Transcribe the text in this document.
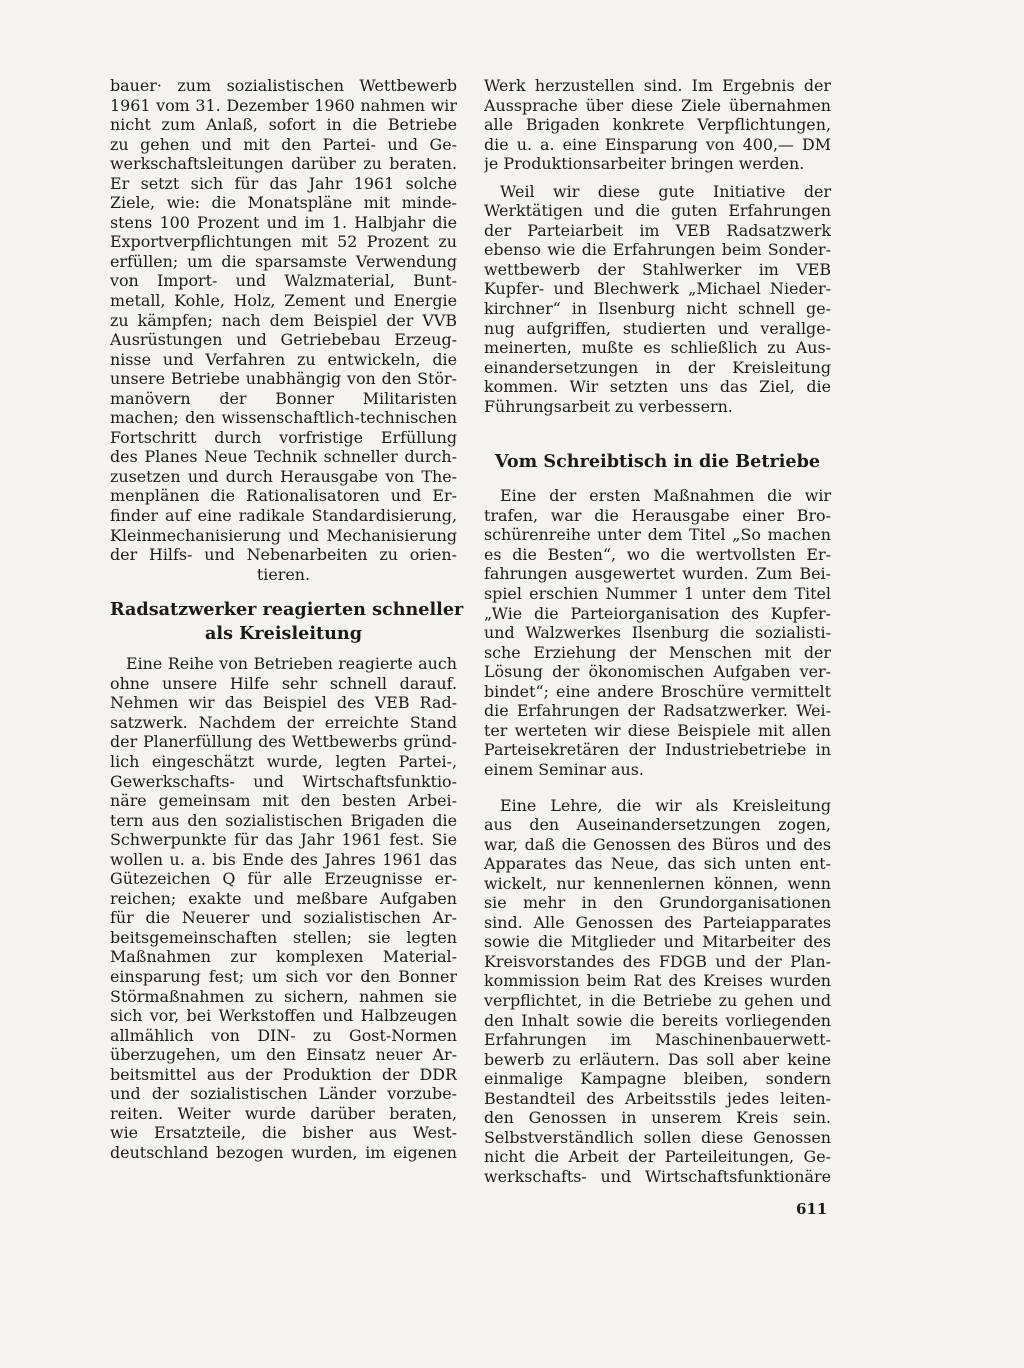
bauer· zum sozialistischen Wettbewerb
1961 vom 31. Dezember 1960 nahmen wir
nicht zum Anlaß, sofort in die Betriebe
zu gehen und mit den Partei- und Ge-
werkschaftsleitungen darüber zu beraten.
Er setzt sich für das Jahr 1961 solche
Ziele, wie: die Monatspläne mit minde-
stens 100 Prozent und im 1. Halbjahr die
Exportverpflichtungen mit 52 Prozent zu
erfüllen; um die sparsamste Verwendung
von Import- und Walzmaterial, Bunt-
metall, Kohle, Holz, Zement und Energie
zu kämpfen; nach dem Beispiel der VVB
Ausrüstungen und Getriebebau Erzeug-
nisse und Verfahren zu entwickeln, die
unsere Betriebe unabhängig von den Stör-
manövern der Bonner Militaristen
machen; den wissenschaftlich-technischen
Fortschritt durch vorfristige Erfüllung
des Planes Neue Technik schneller durch-
zusetzen und durch Herausgabe von The-
menplänen die Rationalisatoren und Er-
finder auf eine radikale Standardisierung,
Kleinmechanisierung und Mechanisierung
der Hilfs- und Nebenarbeiten zu orien-
tieren.
Radsatzwerker reagierten schneller
als Kreisleitung
Eine Reihe von Betrieben reagierte auch
ohne unsere Hilfe sehr schnell darauf.
Nehmen wir das Beispiel des VEB Rad-
satzwerk. Nachdem der erreichte Stand
der Planerfüllung des Wettbewerbs gründ-
lich eingeschätzt wurde, legten Partei-,
Gewerkschafts- und Wirtschaftsfunktio-
näre gemeinsam mit den besten Arbei-
tern aus den sozialistischen Brigaden die
Schwerpunkte für das Jahr 1961 fest. Sie
wollen u. a. bis Ende des Jahres 1961 das
Gütezeichen Q für alle Erzeugnisse er-
reichen; exakte und meßbare Aufgaben
für die Neuerer und sozialistischen Ar-
beitsgemeinschaften stellen; sie legten
Maßnahmen zur komplexen Material-
einsparung fest; um sich vor den Bonner
Störmaßnahmen zu sichern, nahmen sie
sich vor, bei Werkstoffen und Halbzeugen
allmählich von DIN- zu Gost-Normen
überzugehen, um den Einsatz neuer Ar-
beitsmittel aus der Produktion der DDR
und der sozialistischen Länder vorzube-
reiten. Weiter wurde darüber beraten,
wie Ersatzteile, die bisher aus West-
deutschland bezogen wurden, im eigenen
Werk herzustellen sind. Im Ergebnis der
Aussprache über diese Ziele übernahmen
alle Brigaden konkrete Verpflichtungen,
die u. a. eine Einsparung von 400,— DM
je Produktionsarbeiter bringen werden.
Weil wir diese gute Initiative der
Werktätigen und die guten Erfahrungen
der Parteiarbeit im VEB Radsatzwerk
ebenso wie die Erfahrungen beim Sonder-
wettbewerb der Stahlwerker im VEB
Kupfer- und Blechwerk „Michael Nieder-
kirchner“ in Ilsenburg nicht schnell ge-
nug aufgriffen, studierten und verallge-
meinerten, mußte es schließlich zu Aus-
einandersetzungen in der Kreisleitung
kommen. Wir setzten uns das Ziel, die
Führungsarbeit zu verbessern.
Vom Schreibtisch in die Betriebe
Eine der ersten Maßnahmen die wir
trafen, war die Herausgabe einer Bro-
schürenreihe unter dem Titel „So machen
es die Besten“, wo die wertvollsten Er-
fahrungen ausgewertet wurden. Zum Bei-
spiel erschien Nummer 1 unter dem Titel
„Wie die Parteiorganisation des Kupfer-
und Walzwerkes Ilsenburg die sozialisti-
sche Erziehung der Menschen mit der
Lösung der ökonomischen Aufgaben ver-
bindet“; eine andere Broschüre vermittelt
die Erfahrungen der Radsatzwerker. Wei-
ter werteten wir diese Beispiele mit allen
Parteisekretären der Industriebetriebe in
einem Seminar aus.
Eine Lehre, die wir als Kreisleitung
aus den Auseinandersetzungen zogen,
war, daß die Genossen des Büros und des
Apparates das Neue, das sich unten ent-
wickelt, nur kennenlernen können, wenn
sie mehr in den Grundorganisationen
sind. Alle Genossen des Parteiapparates
sowie die Mitglieder und Mitarbeiter des
Kreisvorstandes des FDGB und der Plan-
kommission beim Rat des Kreises wurden
verpflichtet, in die Betriebe zu gehen und
den Inhalt sowie die bereits vorliegenden
Erfahrungen im Maschinenbauerwett-
bewerb zu erläutern. Das soll aber keine
einmalige Kampagne bleiben, sondern
Bestandteil des Arbeitsstils jedes leiten-
den Genossen in unserem Kreis sein.
Selbstverständlich sollen diese Genossen
nicht die Arbeit der Parteileitungen, Ge-
werkschafts- und Wirtschaftsfunktionäre
611
